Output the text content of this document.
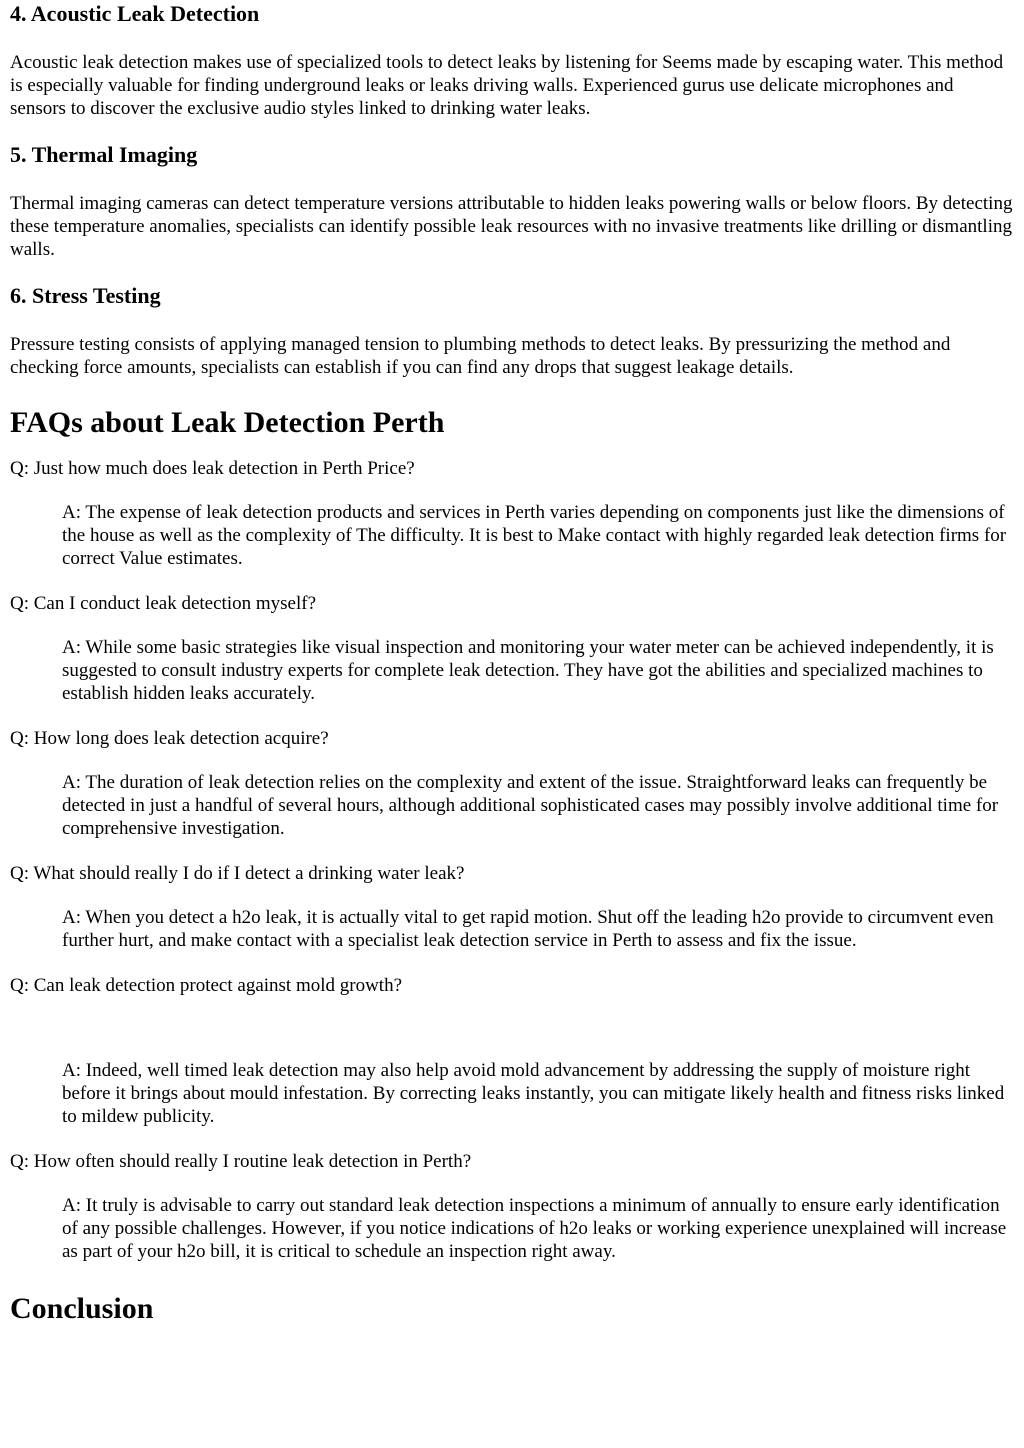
4. Acoustic Leak Detection

Acoustic leak detection makes use of specialized tools to detect leaks by listening for Seems made by escaping water. This method is especially valuable for finding underground leaks or leaks driving walls. Experienced gurus use delicate microphones and sensors to discover the exclusive audio styles linked to drinking water leaks.

5. Thermal Imaging

Thermal imaging cameras can detect temperature versions attributable to hidden leaks powering walls or below floors. By detecting these temperature anomalies, specialists can identify possible leak resources with no invasive treatments like drilling or dismantling walls.

6. Stress Testing

Pressure testing consists of applying managed tension to plumbing methods to detect leaks. By pressurizing the method and checking force amounts, specialists can establish if you can find any drops that suggest leakage details.

FAQs about Leak Detection Perth

Q: Just how much does leak detection in Perth Price?

A: The expense of leak detection products and services in Perth varies depending on components just like the dimensions of the house as well as the complexity of The difficulty. It is best to Make contact with highly regarded leak detection firms for correct Value estimates.

Q: Can I conduct leak detection myself?

A: While some basic strategies like visual inspection and monitoring your water meter can be achieved independently, it is suggested to consult industry experts for complete leak detection. They have got the abilities and specialized machines to establish hidden leaks accurately.

Q: How long does leak detection acquire?

A: The duration of leak detection relies on the complexity and extent of the issue. Straightforward leaks can frequently be detected in just a handful of several hours, although additional sophisticated cases may possibly involve additional time for comprehensive investigation.

Q: What should really I do if I detect a drinking water leak?

A: When you detect a h2o leak, it is actually vital to get rapid motion. Shut off the leading h2o provide to circumvent even further hurt, and make contact with a specialist leak detection service in Perth to assess and fix the issue.

Q: Can leak detection protect against mold growth?

A: Indeed, well timed leak detection may also help avoid mold advancement by addressing the supply of moisture right before it brings about mould infestation. By correcting leaks instantly, you can mitigate likely health and fitness risks linked to mildew publicity.

Q: How often should really I routine leak detection in Perth?

A: It truly is advisable to carry out standard leak detection inspections a minimum of annually to ensure early identification of any possible challenges. However, if you notice indications of h2o leaks or working experience unexplained will increase as part of your h2o bill, it is critical to schedule an inspection right away.

Conclusion
